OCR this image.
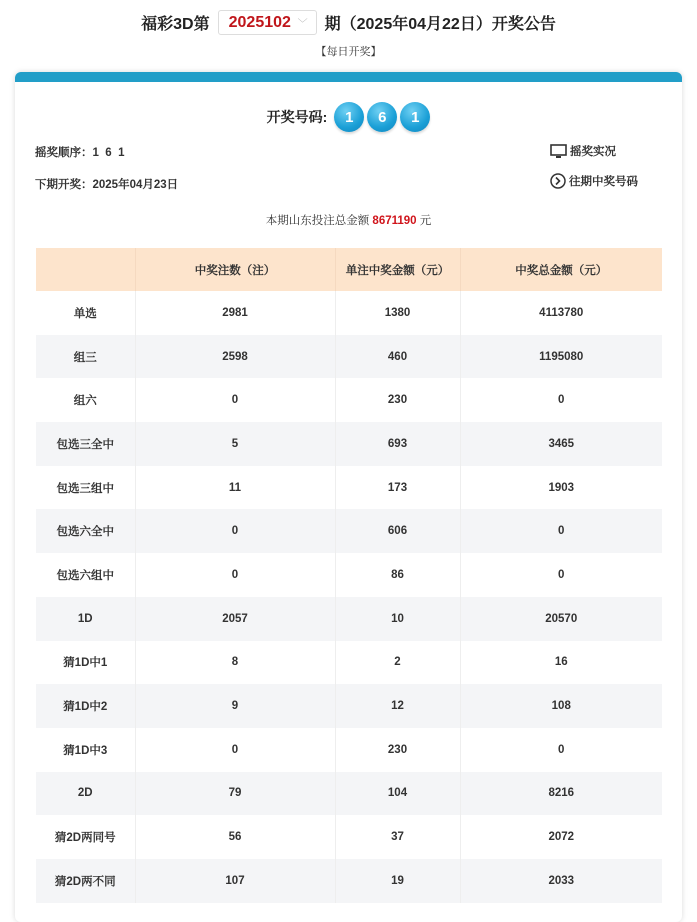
福彩3D第 2025102 ﹀ 期（2025年04月22日）开奖公告
【每日开奖】
开奖号码:	1	6	1
摇奖顺序：1  6  1
下期开奖：2025年04月23日
摇奖实况
往期中奖号码
本期山东投注总金额 8671190 元
	中奖注数（注）	单注中奖金额（元）	中奖总金额（元）
单选	2981	1380	4113780
组三	2598	460	1195080
组六	0	230	0
包选三全中	5	693	3465
包选三组中	11	173	1903
包选六全中	0	606	0
包选六组中	0	86	0
1D	2057	10	20570
猜1D中1	8	2	16
猜1D中2	9	12	108
猜1D中3	0	230	0
2D	79	104	8216
猜2D两同号	56	37	2072
猜2D两不同	107	19	2033
